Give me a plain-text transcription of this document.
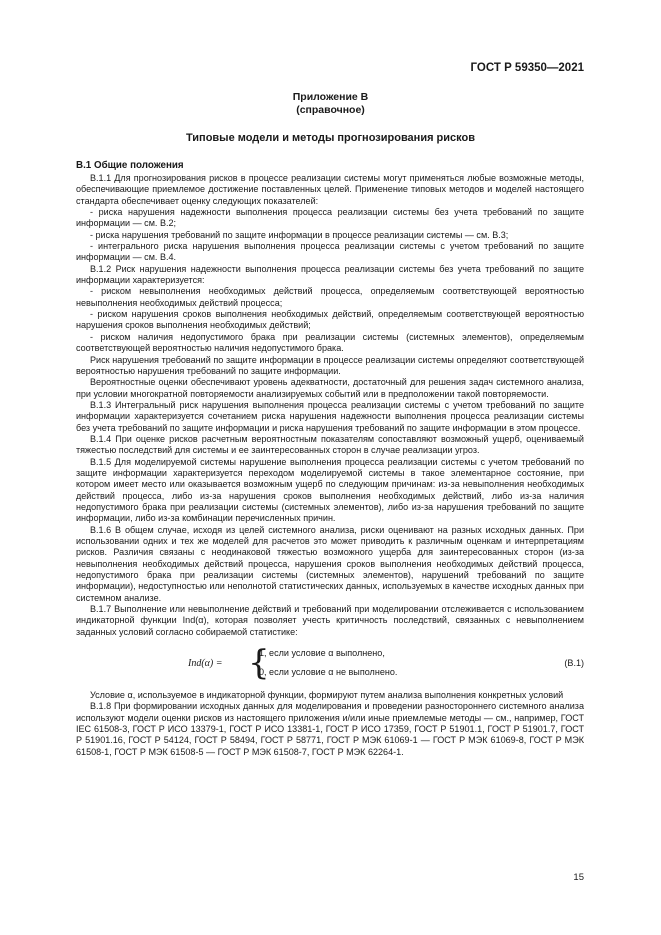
ГОСТ Р 59350—2021
Приложение В
(справочное)
Типовые модели и методы прогнозирования рисков
В.1 Общие положения

В.1.1 Для прогнозирования рисков в процессе реализации системы могут применяться любые возможные методы, обеспечивающие приемлемое достижение поставленных целей. Применение типовых методов и моделей настоящего стандарта обеспечивает оценку следующих показателей:

- риска нарушения надежности выполнения процесса реализации системы без учета требований по защите информации — см. В.2;

- риска нарушения требований по защите информации в процессе реализации системы — см. В.3;

- интегрального риска нарушения выполнения процесса реализации системы с учетом требований по защите информации — см. В.4.

В.1.2 Риск нарушения надежности выполнения процесса реализации системы без учета требований по защите информации характеризуется:

- риском невыполнения необходимых действий процесса, определяемым соответствующей вероятностью невыполнения необходимых действий процесса;

- риском нарушения сроков выполнения необходимых действий, определяемым соответствующей вероятностью нарушения сроков выполнения необходимых действий;

- риском наличия недопустимого брака при реализации системы (системных элементов), определяемым соответствующей вероятностью наличия недопустимого брака.

Риск нарушения требований по защите информации в процессе реализации системы определяют соответствующей вероятностью нарушения требований по защите информации.

Вероятностные оценки обеспечивают уровень адекватности, достаточный для решения задач системного анализа, при условии многократной повторяемости анализируемых событий или в предположении такой повторяемости.

В.1.3 Интегральный риск нарушения выполнения процесса реализации системы с учетом требований по защите информации характеризуется сочетанием риска нарушения надежности выполнения процесса реализации системы без учета требований по защите информации и риска нарушения требований по защите информации в этом процессе.

В.1.4 При оценке рисков расчетным вероятностным показателям сопоставляют возможный ущерб, оцениваемый тяжестью последствий для системы и ее заинтересованных сторон в случае реализации угроз.

В.1.5 Для моделируемой системы нарушение выполнения процесса реализации системы с учетом требований по защите информации характеризуется переходом моделируемой системы в такое элементарное состояние, при котором имеет место или оказывается возможным ущерб по следующим причинам: из-за невыполнения необходимых действий процесса, либо из-за нарушения сроков выполнения необходимых действий, либо из-за наличия недопустимого брака при реализации системы (системных элементов), либо из-за нарушения требований по защите информации, либо из-за комбинации перечисленных причин.

В.1.6 В общем случае, исходя из целей системного анализа, риски оценивают на разных исходных данных. При использовании одних и тех же моделей для расчетов это может приводить к различным оценкам и интерпретациям рисков. Различия связаны с неодинаковой тяжестью возможного ущерба для заинтересованных сторон (из-за невыполнения необходимых действий процесса, нарушения сроков выполнения необходимых действий процесса, недопустимого брака при реализации системы (системных элементов), нарушений требований по защите информации), недоступностью или неполнотой статистических данных, используемых в качестве исходных данных при системном анализе.

В.1.7 Выполнение или невыполнение действий и требований при моделировании отслеживается с использованием индикаторной функции Ind(α), которая позволяет учесть критичность последствий, связанных с невыполнением заданных условий согласно собираемой статистике:

Ind(α) = {
1, если условие α выполнено,
0, если условие α не выполнено.
(В.1)

Условие α, используемое в индикаторной функции, формируют путем анализа выполнения конкретных условий

В.1.8 При формировании исходных данных для моделирования и проведении разностороннего системного анализа используют модели оценки рисков из настоящего приложения и/или иные приемлемые методы — см., например, ГОСТ IEC 61508-3, ГОСТ Р ИСО 13379-1, ГОСТ Р ИСО 13381-1, ГОСТ Р ИСО 17359, ГОСТ Р 51901.1, ГОСТ Р 51901.7, ГОСТ Р 51901.16, ГОСТ Р 54124, ГОСТ Р 58494, ГОСТ Р 58771, ГОСТ Р МЭК 61069-1 — ГОСТ Р МЭК 61069-8, ГОСТ Р МЭК 61508-1, ГОСТ Р МЭК 61508-5 — ГОСТ Р МЭК 61508-7, ГОСТ Р МЭК 62264-1.

15
